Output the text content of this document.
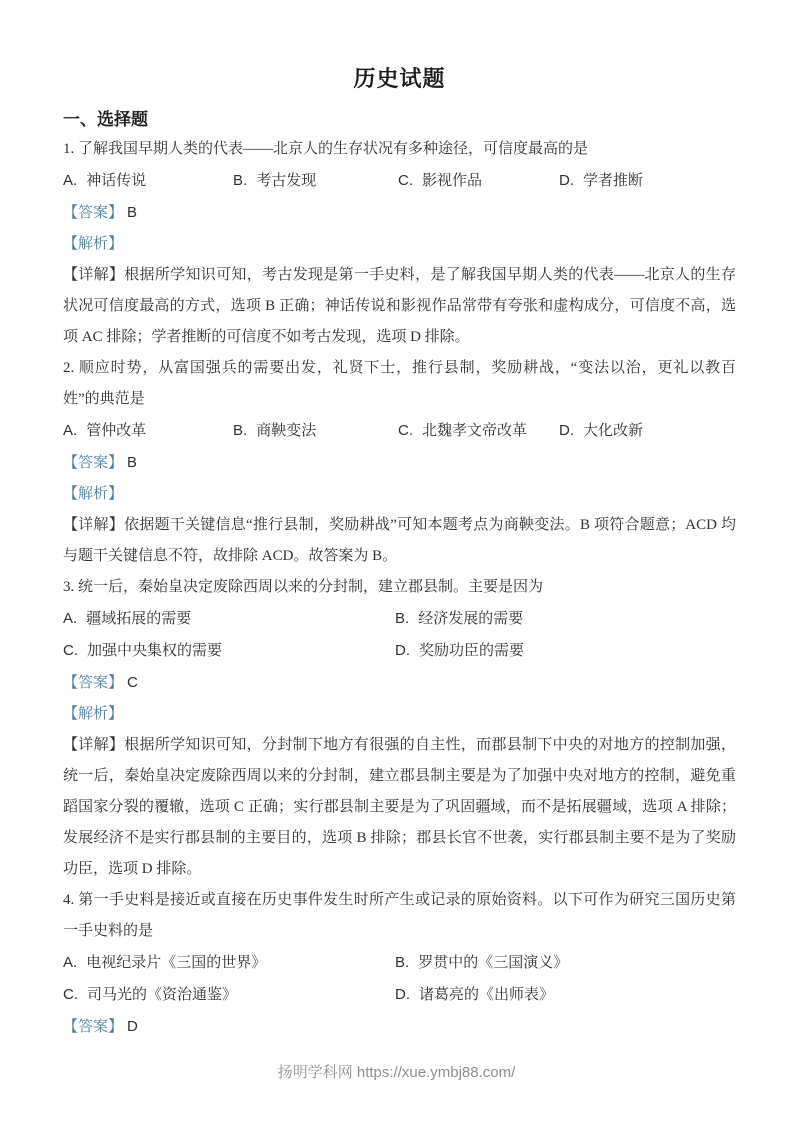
历史试题
一、选择题

1. 了解我国早期人类的代表——北京人的生存状况有多种途径，可信度最高的是

A. 神话传说	B. 考古发现	C. 影视作品	D. 学者推断

【答案】 B

【解析】

【详解】根据所学知识可知，考古发现是第一手史料，是了解我国早期人类的代表——北京人的生存状况可信度最高的方式，选项 B 正确；神话传说和影视作品常带有夸张和虚构成分，可信度不高，选项 AC 排除；学者推断的可信度不如考古发现，选项 D 排除。

2. 顺应时势，从富国强兵的需要出发，礼贤下士，推行县制，奖励耕战，“变法以治，更礼以教百姓”的典范是

A. 管仲改革	B. 商鞅变法	C. 北魏孝文帝改革	D. 大化改新

【答案】 B

【解析】

【详解】依据题干关键信息“推行县制，奖励耕战”可知本题考点为商鞅变法。B 项符合题意；ACD 均与题干关键信息不符，故排除 ACD。故答案为 B。

3. 统一后，秦始皇决定废除西周以来的分封制，建立郡县制。主要是因为

A. 疆域拓展的需要	B. 经济发展的需要
C. 加强中央集权的需要	D. 奖励功臣的需要

【答案】 C

【解析】

【详解】根据所学知识可知，分封制下地方有很强的自主性，而郡县制下中央的对地方的控制加强，统一后，秦始皇决定废除西周以来的分封制，建立郡县制主要是为了加强中央对地方的控制，避免重蹈国家分裂的覆辙，选项 C 正确；实行郡县制主要是为了巩固疆域，而不是拓展疆域，选项 A 排除；发展经济不是实行郡县制的主要目的，选项 B 排除；郡县长官不世袭，实行郡县制主要不是为了奖励功臣，选项 D 排除。

4. 第一手史料是接近或直接在历史事件发生时所产生或记录的原始资料。以下可作为研究三国历史第一手史料的是

A. 电视纪录片《三国的世界》	B. 罗贯中的《三国演义》
C. 司马光的《资治通鉴》	D. 诸葛亮的《出师表》

【答案】 D

扬明学科网 https://xue.ymbj88.com/
